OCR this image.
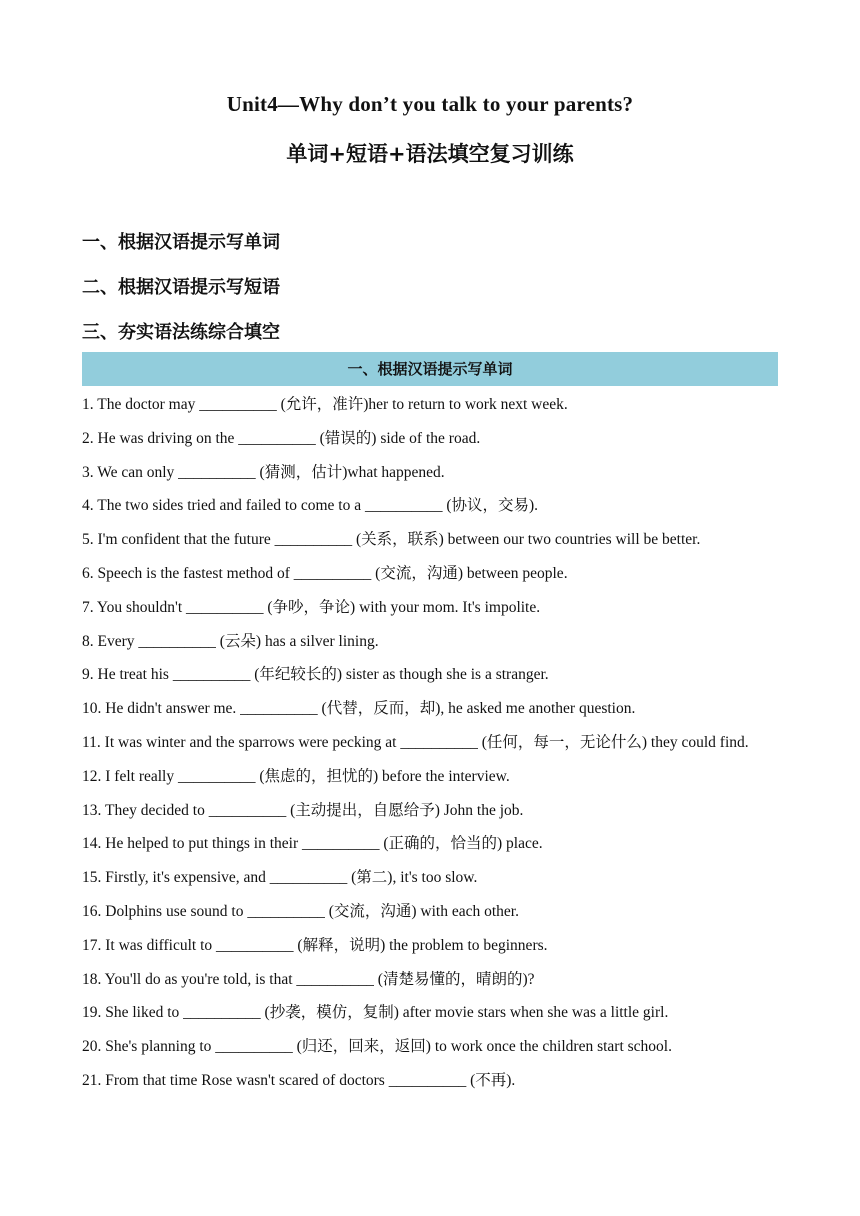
Unit4—Why don’t you talk to your parents?
单词+短语+语法填空复习训练
一、根据汉语提示写单词
二、根据汉语提示写短语
三、夯实语法练综合填空
一、根据汉语提示写单词
1. The doctor may __________ (允许，准许)her to return to work next week.
2. He was driving on the __________ (错误的) side of the road.
3. We can only __________ (猜测，估计)what happened.
4. The two sides tried and failed to come to a __________ (协议，交易).
5. I'm confident that the future __________ (关系，联系) between our two countries will be better.
6. Speech is the fastest method of __________ (交流，沟通) between people.
7. You shouldn't __________ (争吵，争论) with your mom. It's impolite.
8. Every __________ (云朵) has a silver lining.
9. He treat his __________ (年纪较长的) sister as though she is a stranger.
10. He didn't answer me. __________ (代替，反而，却), he asked me another question.
11. It was winter and the sparrows were pecking at __________ (任何，每一，无论什么) they could find.
12. I felt really __________ (焦虑的，担忧的) before the interview.
13. They decided to __________ (主动提出，自愿给予) John the job.
14. He helped to put things in their __________ (正确的，恰当的) place.
15. Firstly, it's expensive, and __________ (第二), it's too slow.
16. Dolphins use sound to __________ (交流，沟通) with each other.
17. It was difficult to __________ (解释，说明) the problem to beginners.
18. You'll do as you're told, is that __________ (清楚易懂的，晴朗的)?
19. She liked to __________ (抄袭，模仿，复制) after movie stars when she was a little girl.
20. She's planning to __________ (归还，回来，返回) to work once the children start school.
21. From that time Rose wasn't scared of doctors __________ (不再).
